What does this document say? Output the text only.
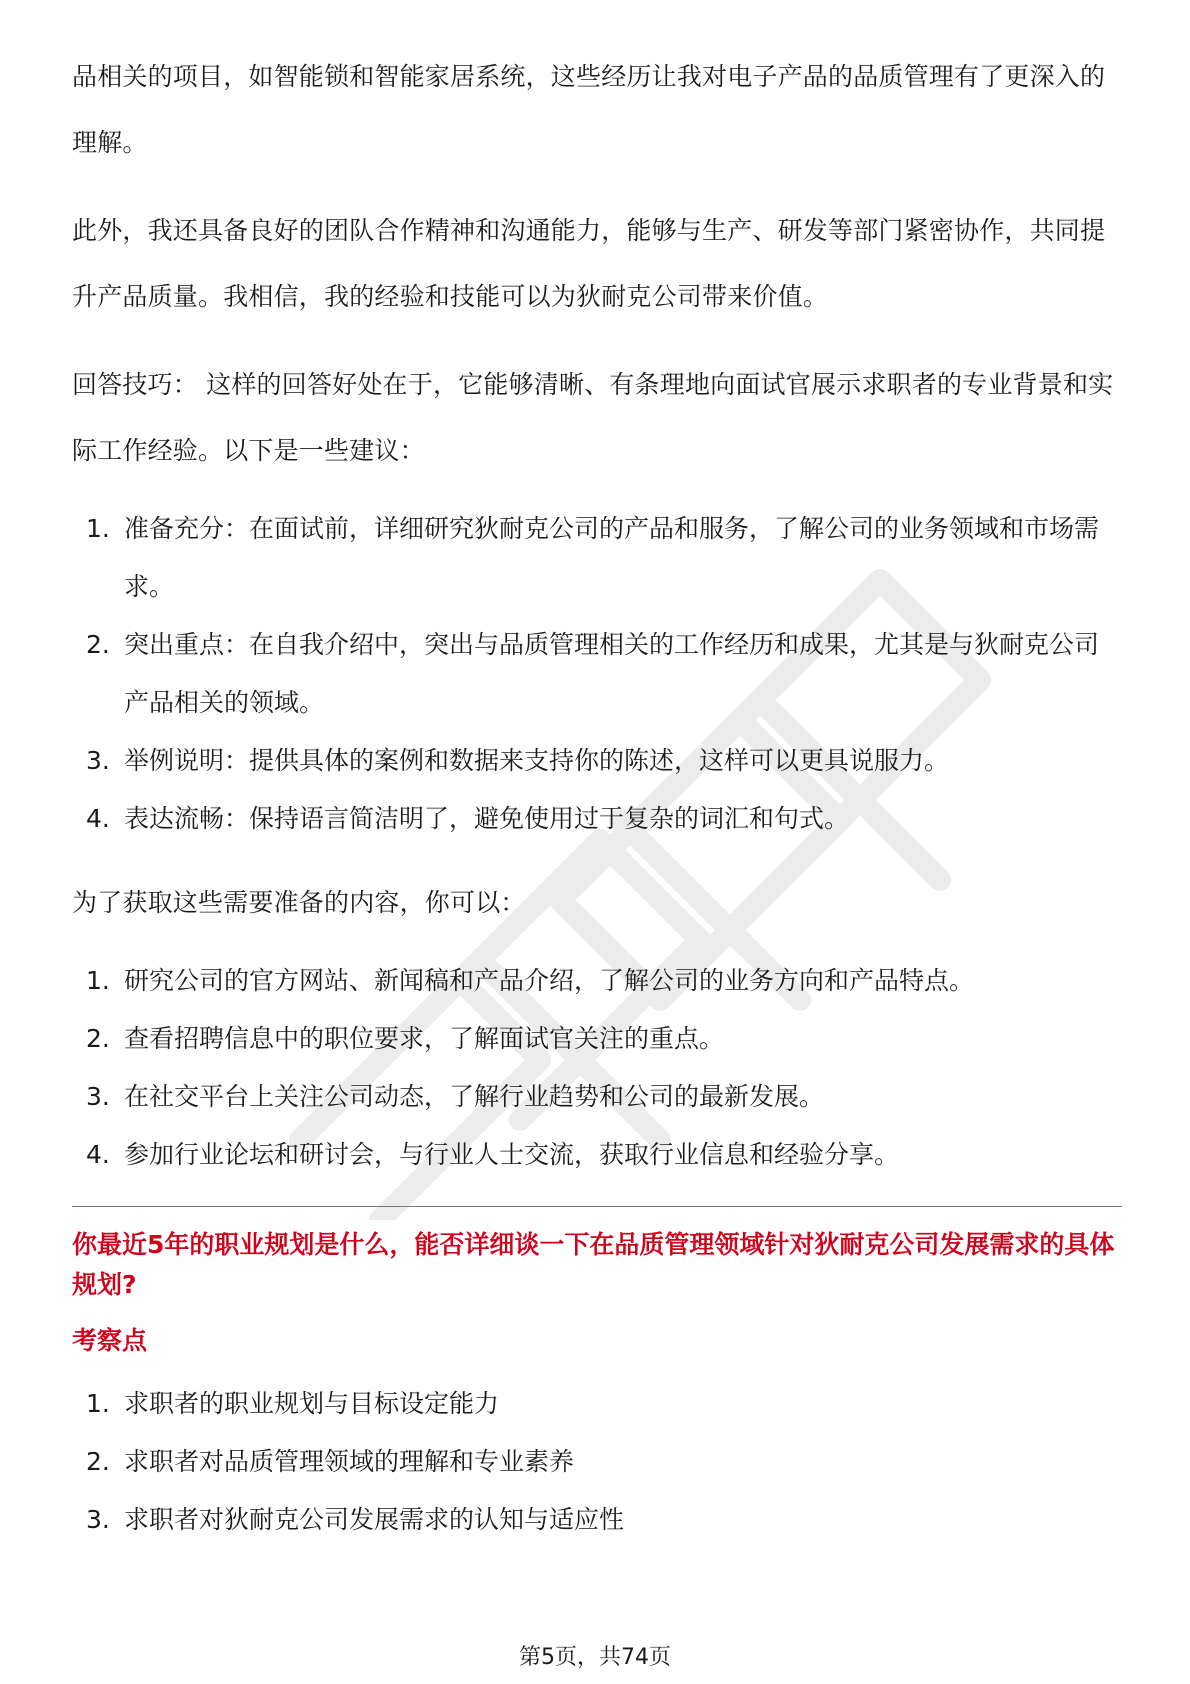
品相关的项目，如智能锁和智能家居系统，这些经历让我对电子产品的品质管理有了更深入的理解。

此外，我还具备良好的团队合作精神和沟通能力，能够与生产、研发等部门紧密协作，共同提升产品质量。我相信，我的经验和技能可以为狄耐克公司带来价值。

回答技巧： 这样的回答好处在于，它能够清晰、有条理地向面试官展示求职者的专业背景和实际工作经验。以下是一些建议：

1. 准备充分：在面试前，详细研究狄耐克公司的产品和服务，了解公司的业务领域和市场需求。
2. 突出重点：在自我介绍中，突出与品质管理相关的工作经历和成果，尤其是与狄耐克公司产品相关的领域。
3. 举例说明：提供具体的案例和数据来支持你的陈述，这样可以更具说服力。
4. 表达流畅：保持语言简洁明了，避免使用过于复杂的词汇和句式。

为了获取这些需要准备的内容，你可以：

1. 研究公司的官方网站、新闻稿和产品介绍，了解公司的业务方向和产品特点。
2. 查看招聘信息中的职位要求，了解面试官关注的重点。
3. 在社交平台上关注公司动态，了解行业趋势和公司的最新发展。
4. 参加行业论坛和研讨会，与行业人士交流，获取行业信息和经验分享。
你最近5年的职业规划是什么，能否详细谈一下在品质管理领域针对狄耐克公司发展需求的具体规划?
考察点
1. 求职者的职业规划与目标设定能力
2. 求职者对品质管理领域的理解和专业素养
3. 求职者对狄耐克公司发展需求的认知与适应性
第5页，共74页
